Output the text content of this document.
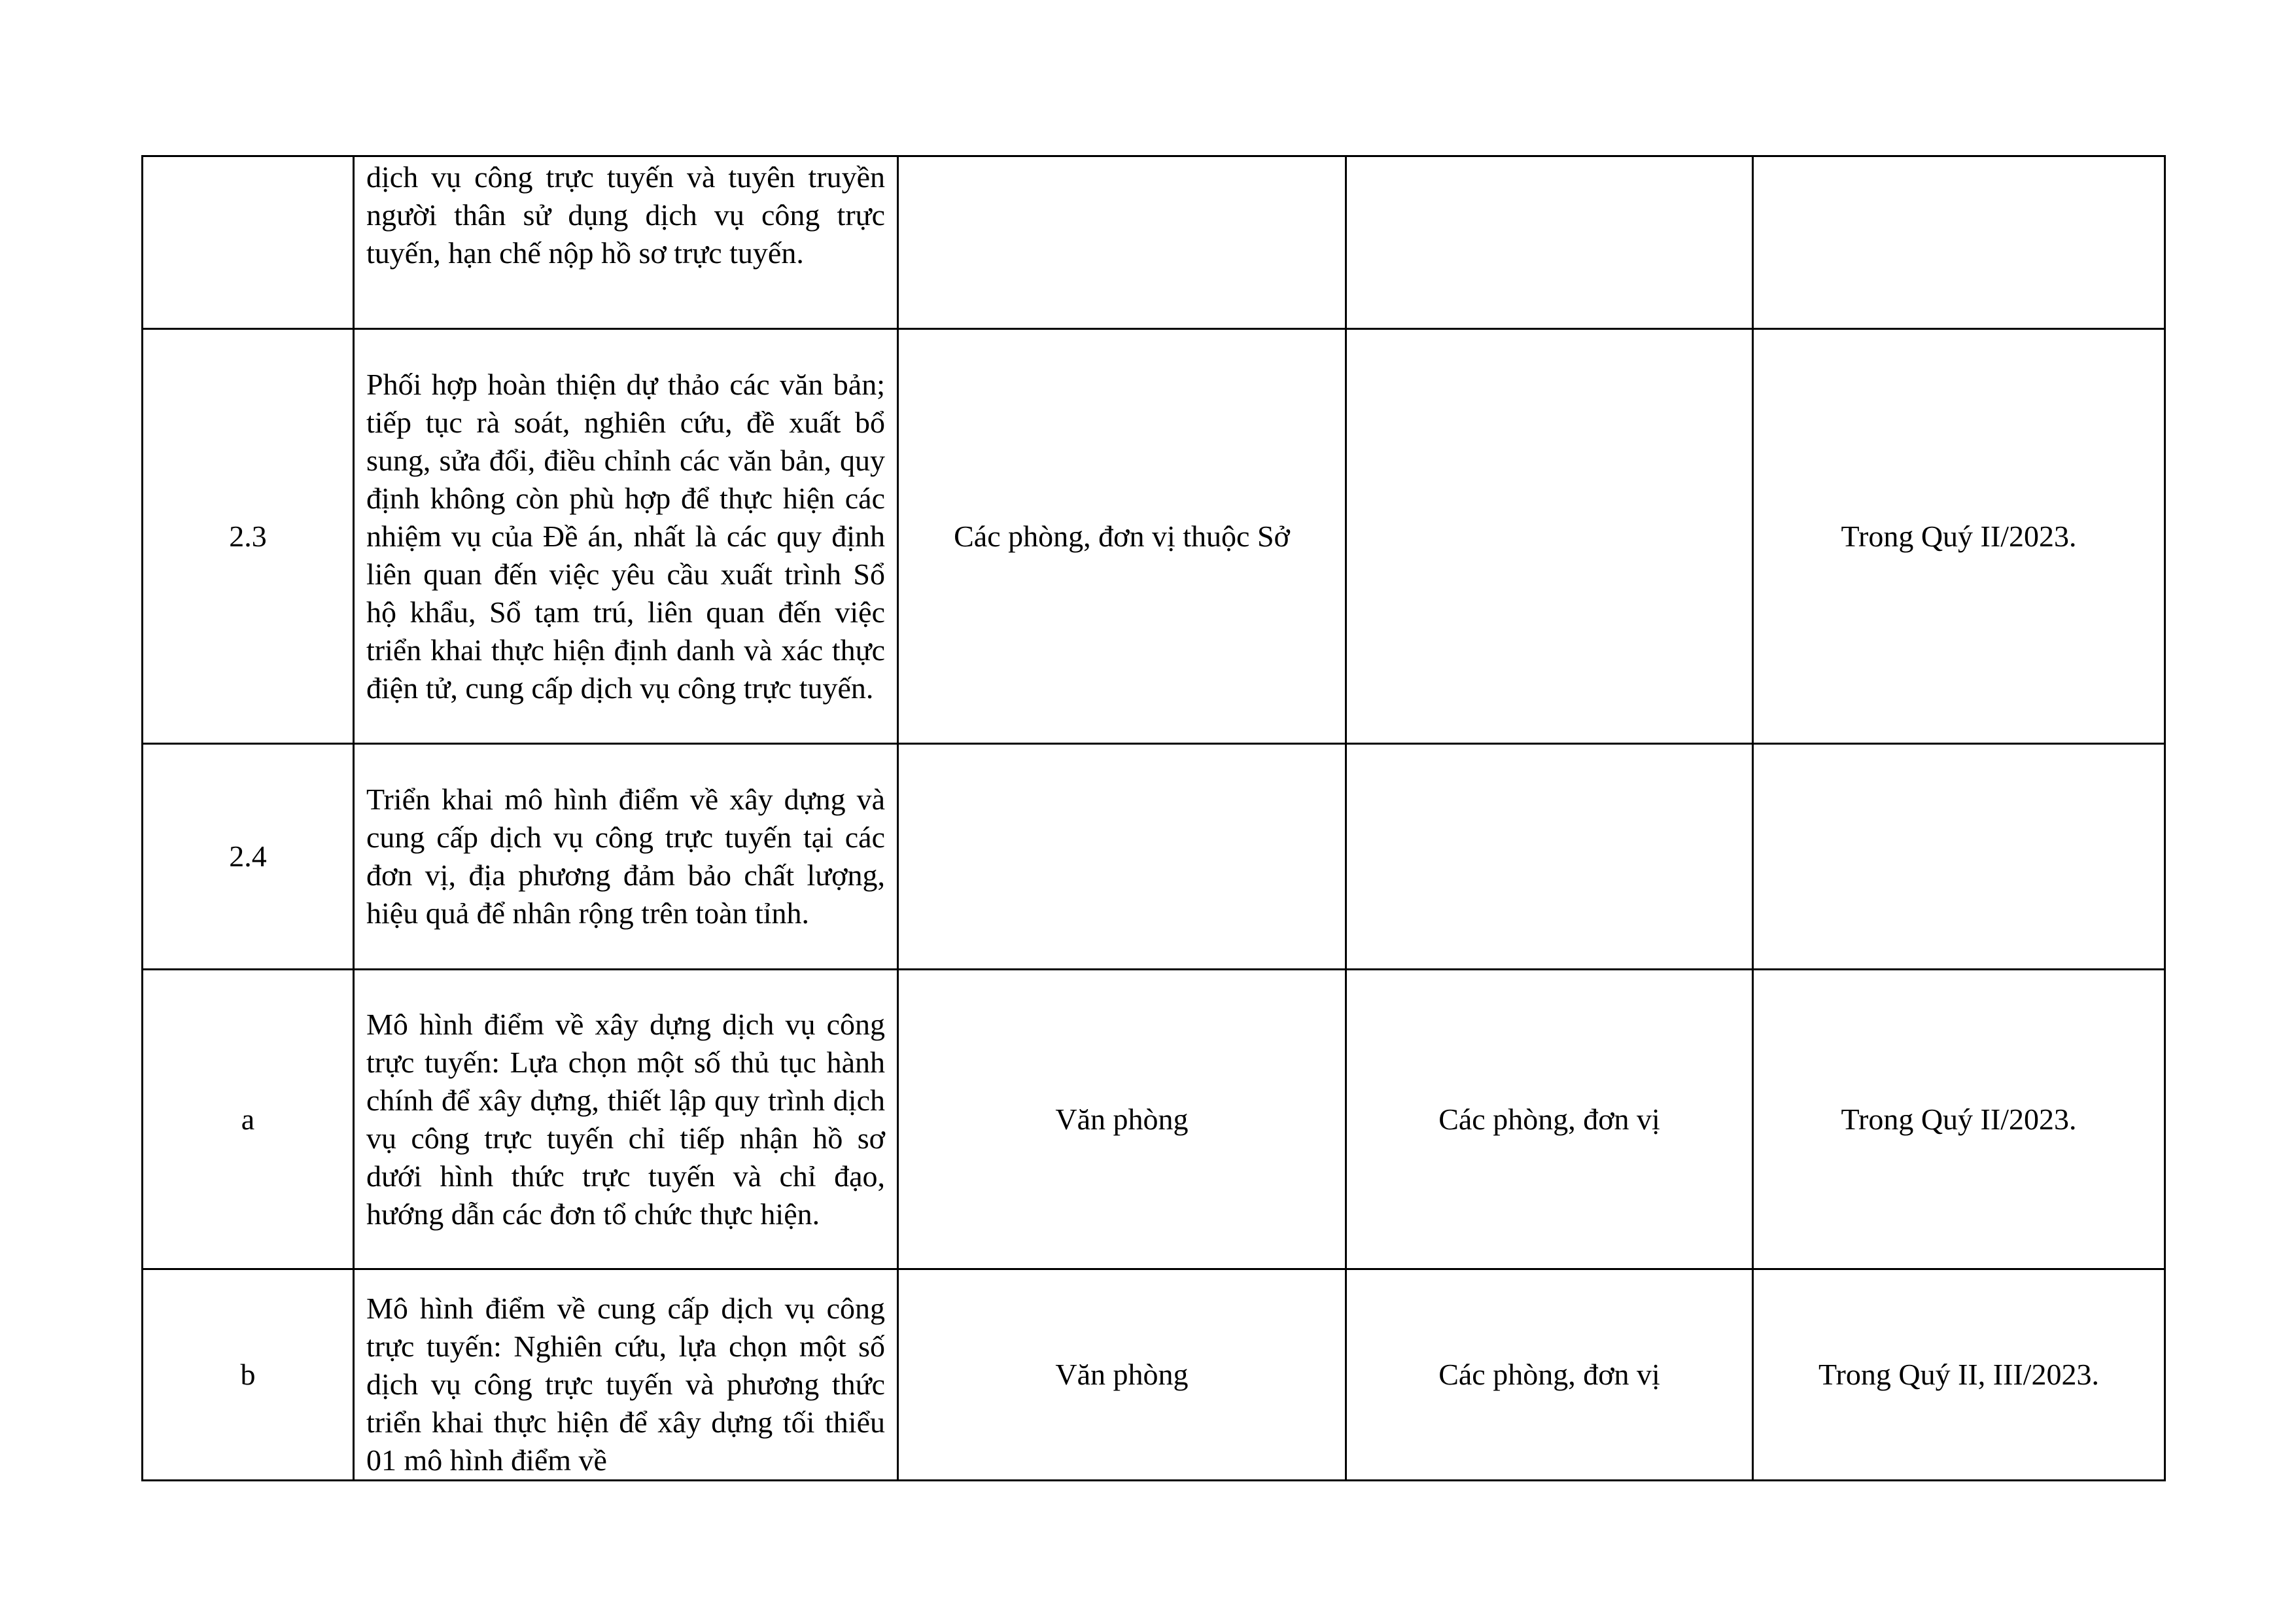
	dịch vụ công trực tuyến và tuyên truyền người thân sử dụng dịch vụ công trực tuyến, hạn chế nộp hồ sơ trực tuyến.			

2.3	Phối hợp hoàn thiện dự thảo các văn bản; tiếp tục rà soát, nghiên cứu, đề xuất bổ sung, sửa đổi, điều chỉnh các văn bản, quy định không còn phù hợp để thực hiện các nhiệm vụ của Đề án, nhất là các quy định liên quan đến việc yêu cầu xuất trình Sổ hộ khẩu, Sổ tạm trú, liên quan đến việc triển khai thực hiện định danh và xác thực điện tử, cung cấp dịch vụ công trực tuyến.	Các phòng, đơn vị thuộc Sở		Trong Quý II/2023.
2.4	Triển khai mô hình điểm về xây dựng và cung cấp dịch vụ công trực tuyến tại các đơn vị, địa phương đảm bảo chất lượng, hiệu quả để nhân rộng trên toàn tỉnh.			

a	Mô hình điểm về xây dựng dịch vụ công trực tuyến: Lựa chọn một số thủ tục hành chính để xây dựng, thiết lập quy trình dịch vụ công trực tuyến chỉ tiếp nhận hồ sơ dưới hình thức trực tuyến và chỉ đạo, hướng dẫn các đơn tổ chức thực hiện.	Văn phòng	Các phòng, đơn vị	Trong Quý II/2023.
b	Mô hình điểm về cung cấp dịch vụ công trực tuyến: Nghiên cứu, lựa chọn một số dịch vụ công trực tuyến và phương thức triển khai thực hiện để xây dựng tối thiểu 01 mô hình điểm về	Văn phòng	Các phòng, đơn vị	Trong Quý II, III/2023.
